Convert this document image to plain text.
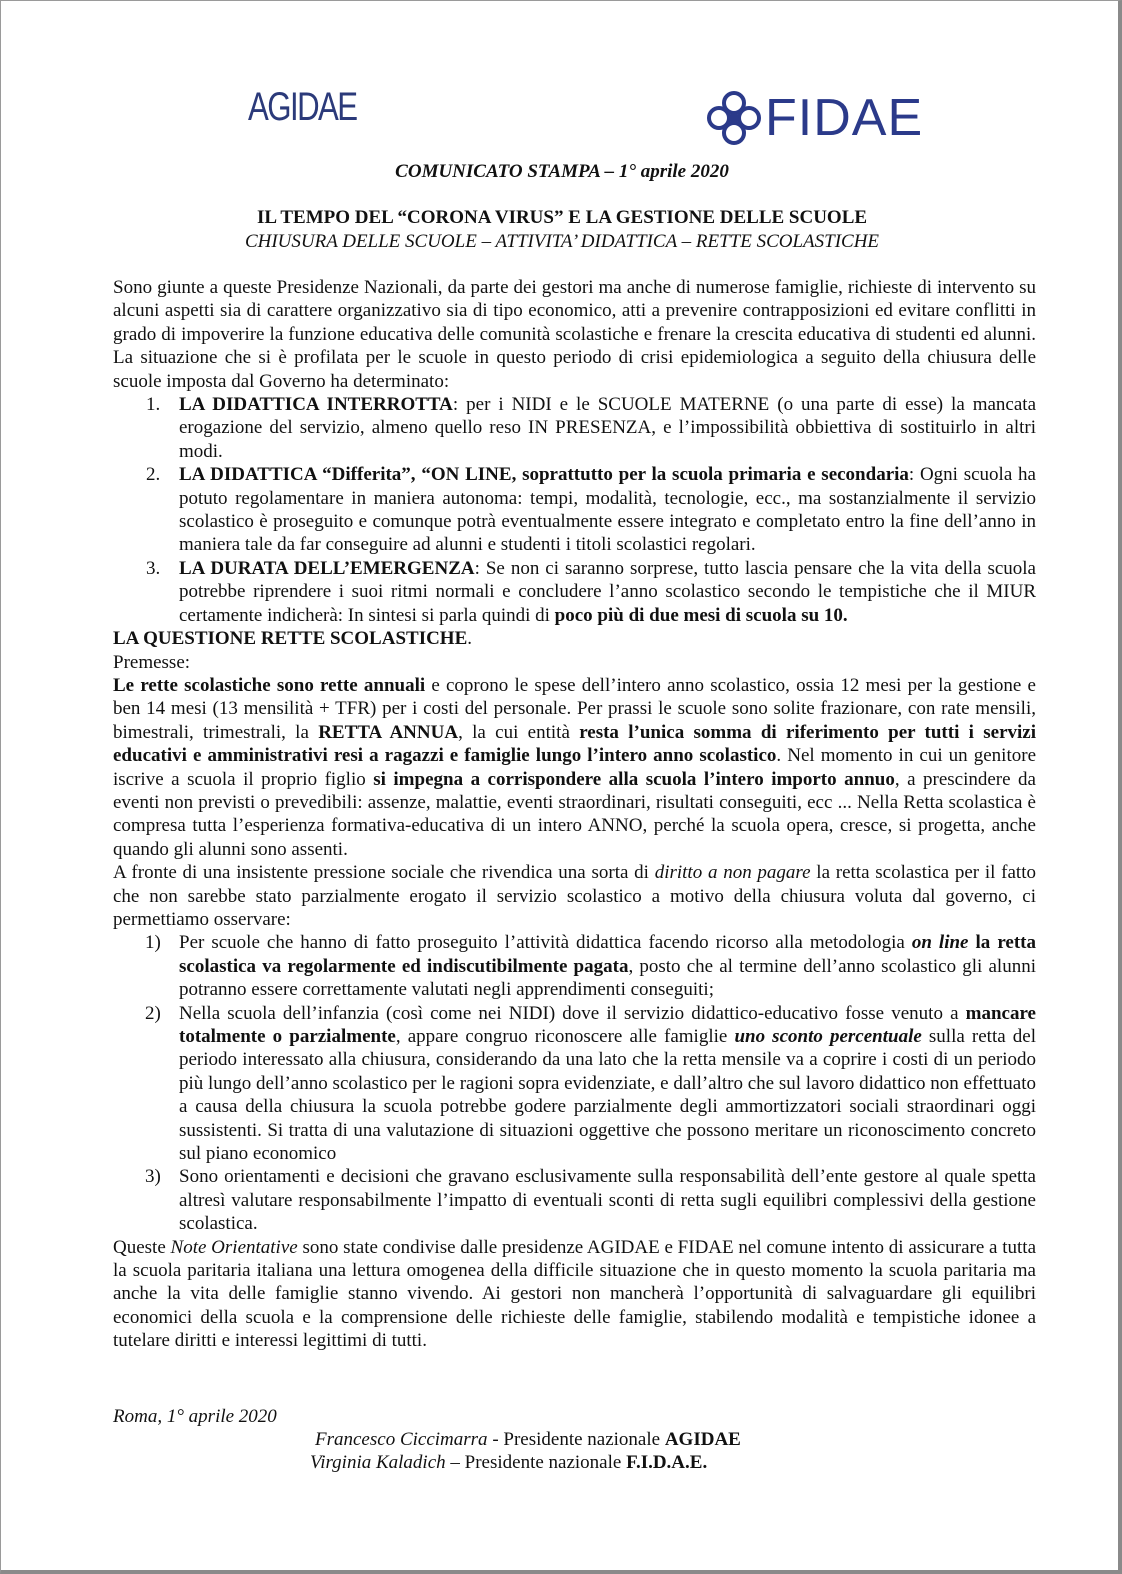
AGIDAE	FIDAE
COMUNICATO STAMPA – 1° aprile 2020
IL TEMPO DEL “CORONA VIRUS” E LA GESTIONE DELLE SCUOLE
CHIUSURA DELLE SCUOLE – ATTIVITA’ DIDATTICA – RETTE SCOLASTICHE

Sono giunte a queste Presidenze Nazionali, da parte dei gestori ma anche di numerose famiglie, richieste di intervento su alcuni aspetti sia di carattere organizzativo sia di tipo economico, atti a prevenire contrapposizioni ed evitare conflitti in grado di impoverire la funzione educativa delle comunità scolastiche e frenare la crescita educativa di studenti ed alunni. La situazione che si è profilata per le scuole in questo periodo di crisi epidemiologica a seguito della chiusura delle scuole imposta dal Governo ha determinato:

1. LA DIDATTICA INTERROTTA: per i NIDI e le SCUOLE MATERNE (o una parte di esse) la mancata erogazione del servizio, almeno quello reso IN PRESENZA, e l’impossibilità obbiettiva di sostituirlo in altri modi.
2. LA DIDATTICA “Differita”, “ON LINE, soprattutto per la scuola primaria e secondaria: Ogni scuola ha potuto regolamentare in maniera autonoma: tempi, modalità, tecnologie, ecc., ma sostanzialmente il servizio scolastico è proseguito e comunque potrà eventualmente essere integrato e completato entro la fine dell’anno in maniera tale da far conseguire ad alunni e studenti i titoli scolastici regolari.
3. LA DURATA DELL’EMERGENZA: Se non ci saranno sorprese, tutto lascia pensare che la vita della scuola potrebbe riprendere i suoi ritmi normali e concludere l’anno scolastico secondo le tempistiche che il MIUR certamente indicherà: In sintesi si parla quindi di poco più di due mesi di scuola su 10.

LA QUESTIONE RETTE SCOLASTICHE.

Premesse:

Le rette scolastiche sono rette annuali e coprono le spese dell’intero anno scolastico, ossia 12 mesi per la gestione e ben 14 mesi (13 mensilità + TFR) per i costi del personale. Per prassi le scuole sono solite frazionare, con rate mensili, bimestrali, trimestrali, la RETTA ANNUA, la cui entità resta l’unica somma di riferimento per tutti i servizi educativi e amministrativi resi a ragazzi e famiglie lungo l’intero anno scolastico. Nel momento in cui un genitore iscrive a scuola il proprio figlio si impegna a corrispondere alla scuola l’intero importo annuo, a prescindere da eventi non previsti o prevedibili: assenze, malattie, eventi straordinari, risultati conseguiti, ecc ... Nella Retta scolastica è compresa tutta l’esperienza formativa-educativa di un intero ANNO, perché la scuola opera, cresce, si progetta, anche quando gli alunni sono assenti.

A fronte di una insistente pressione sociale che rivendica una sorta di diritto a non pagare la retta scolastica per il fatto che non sarebbe stato parzialmente erogato il servizio scolastico a motivo della chiusura voluta dal governo, ci permettiamo osservare:

1) Per scuole che hanno di fatto proseguito l’attività didattica facendo ricorso alla metodologia on line la retta scolastica va regolarmente ed indiscutibilmente pagata, posto che al termine dell’anno scolastico gli alunni potranno essere correttamente valutati negli apprendimenti conseguiti;
2) Nella scuola dell’infanzia (così come nei NIDI) dove il servizio didattico-educativo fosse venuto a mancare totalmente o parzialmente, appare congruo riconoscere alle famiglie uno sconto percentuale sulla retta del periodo interessato alla chiusura, considerando da una lato che la retta mensile va a coprire i costi di un periodo più lungo dell’anno scolastico per le ragioni sopra evidenziate, e dall’altro che sul lavoro didattico non effettuato a causa della chiusura la scuola potrebbe godere parzialmente degli ammortizzatori sociali straordinari oggi sussistenti. Si tratta di una valutazione di situazioni oggettive che possono meritare un riconoscimento concreto sul piano economico
3) Sono orientamenti e decisioni che gravano esclusivamente sulla responsabilità dell’ente gestore al quale spetta altresì valutare responsabilmente l’impatto di eventuali sconti di retta sugli equilibri complessivi della gestione scolastica.

Queste Note Orientative sono state condivise dalle presidenze AGIDAE e FIDAE nel comune intento di assicurare a tutta la scuola paritaria italiana una lettura omogenea della difficile situazione che in questo momento la scuola paritaria ma anche la vita delle famiglie stanno vivendo. Ai gestori non mancherà l’opportunità di salvaguardare gli equilibri economici della scuola e la comprensione delle richieste delle famiglie, stabilendo modalità e tempistiche idonee a tutelare diritti e interessi legittimi di tutti.

Roma, 1° aprile 2020
Francesco Ciccimarra - Presidente nazionale AGIDAE
Virginia Kaladich – Presidente nazionale F.I.D.A.E.
